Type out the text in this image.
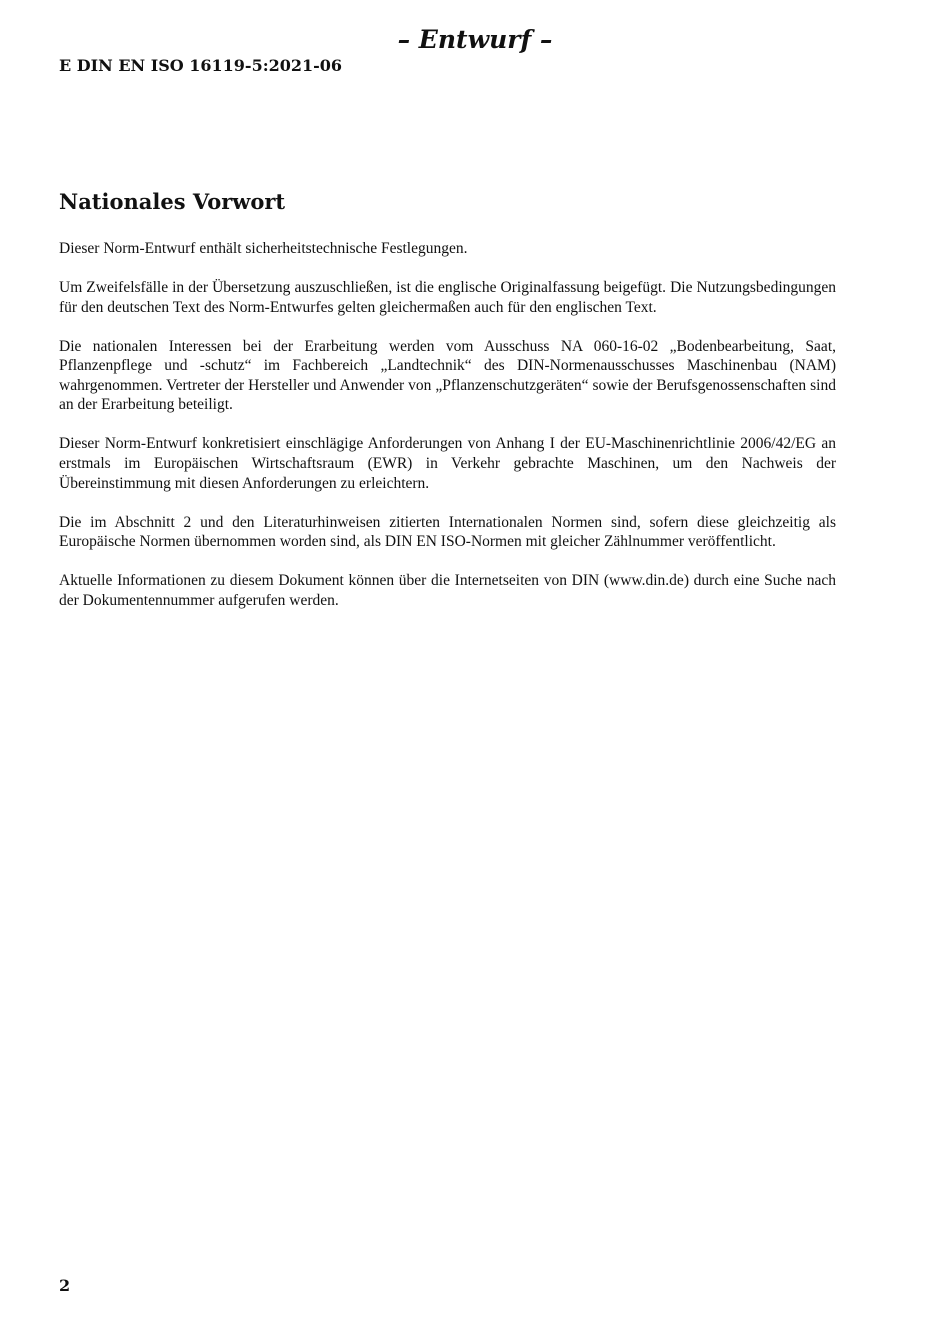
– Entwurf –
E DIN EN ISO 16119-5:2021-06
Nationales Vorwort

Dieser Norm-Entwurf enthält sicherheitstechnische Festlegungen.

Um Zweifelsfälle in der Übersetzung auszuschließen, ist die englische Originalfassung beigefügt. Die Nutzungsbedingungen für den deutschen Text des Norm-Entwurfes gelten gleichermaßen auch für den englischen Text.

Die nationalen Interessen bei der Erarbeitung werden vom Ausschuss NA 060-16-02 „Bodenbearbeitung, Saat, Pflanzenpflege und -schutz“ im Fachbereich „Landtechnik“ des DIN-Normenausschusses Maschinenbau (NAM) wahrgenommen. Vertreter der Hersteller und Anwender von „Pflanzenschutzgeräten“ sowie der Berufsgenossenschaften sind an der Erarbeitung beteiligt.

Dieser Norm-Entwurf konkretisiert einschlägige Anforderungen von Anhang I der EU-Maschinenrichtlinie 2006/42/EG an erstmals im Europäischen Wirtschaftsraum (EWR) in Verkehr gebrachte Maschinen, um den Nachweis der Übereinstimmung mit diesen Anforderungen zu erleichtern.

Die im Abschnitt 2 und den Literaturhinweisen zitierten Internationalen Normen sind, sofern diese gleichzeitig als Europäische Normen übernommen worden sind, als DIN EN ISO-Normen mit gleicher Zählnummer veröffentlicht.

Aktuelle Informationen zu diesem Dokument können über die Internetseiten von DIN (www.din.de) durch eine Suche nach der Dokumentennummer aufgerufen werden.

2
